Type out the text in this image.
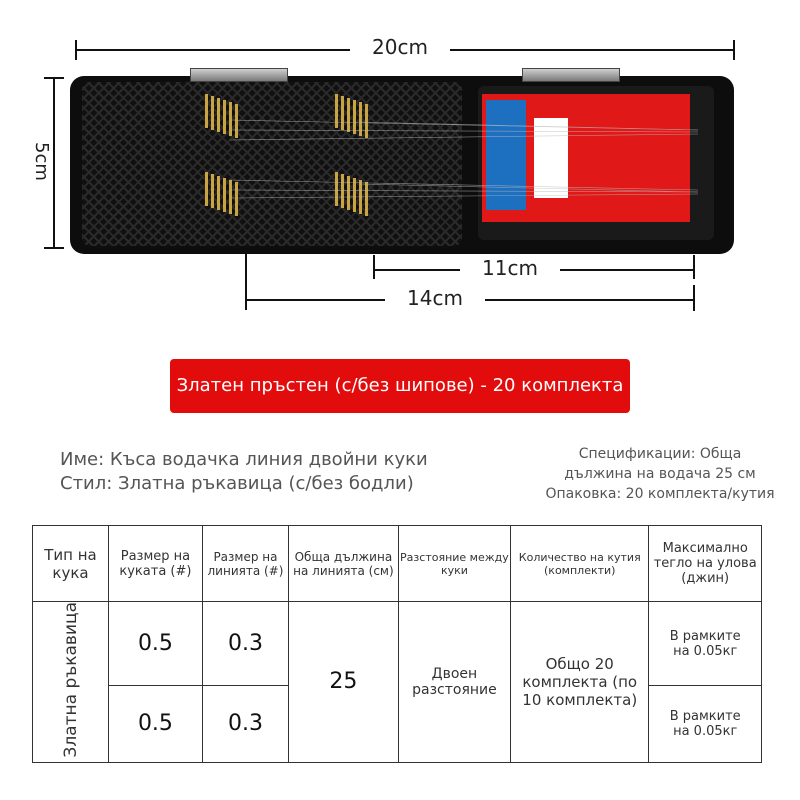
20cm
5cm
11cm
14cm
Златен пръстен (с/без шипове) - 20 комплекта
Име: Къса водачка линия двойни куки
Стил: Златна ръкавица (с/без бодли)
Спецификации: Обща
дължина на водача 25 см
Опаковка: 20 комплекта/кутия
Тип на кука	Размер на куката (#)	Размер на линията (#)	Обща дължина на линията (см)	Разстояние между куки	Количество на кутия (комплекти)	Максимално тегло на улова (джин)
Златна ръкавица	0.5	0.3	25	Двоен разстояние	Общо 20 комплекта (по 10 комплекта)	В рамките на 0.05кг
	0.5	0.3				В рамките на 0.05кг
